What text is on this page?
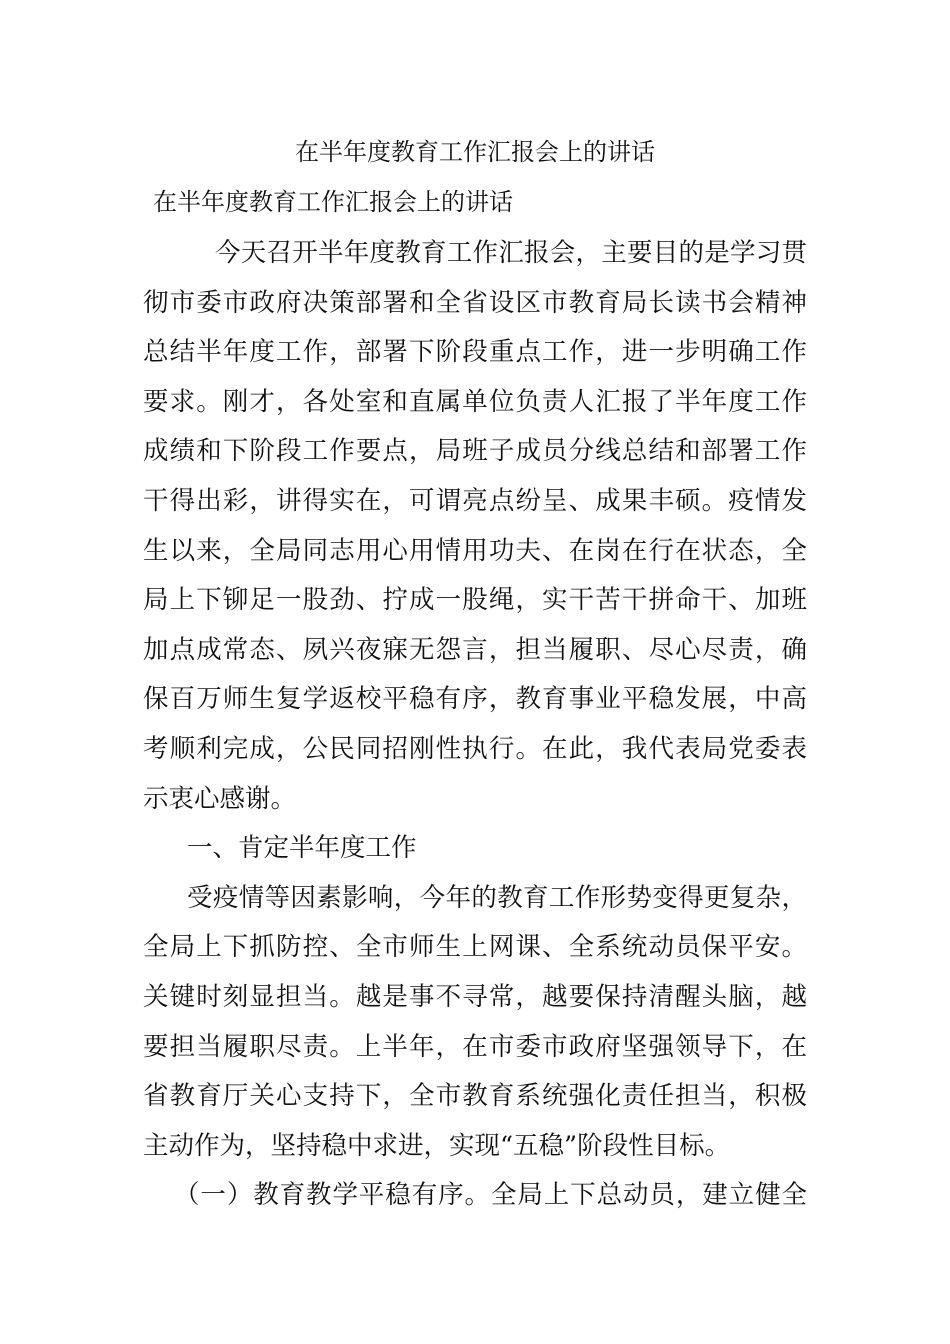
在半年度教育工作汇报会上的讲话
在半年度教育工作汇报会上的讲话
今天召开半年度教育工作汇报会，主要目的是学习贯
彻市委市政府决策部署和全省设区市教育局长读书会精神
总结半年度工作，部署下阶段重点工作，进一步明确工作
要求。刚才，各处室和直属单位负责人汇报了半年度工作
成绩和下阶段工作要点，局班子成员分线总结和部署工作
干得出彩，讲得实在，可谓亮点纷呈、成果丰硕。疫情发
生以来，全局同志用心用情用功夫、在岗在行在状态，全
局上下铆足一股劲、拧成一股绳，实干苦干拼命干、加班
加点成常态、夙兴夜寐无怨言，担当履职、尽心尽责，确
保百万师生复学返校平稳有序，教育事业平稳发展，中高
考顺利完成，公民同招刚性执行。在此，我代表局党委表
示衷心感谢。
一、肯定半年度工作
受疫情等因素影响，今年的教育工作形势变得更复杂，
全局上下抓防控、全市师生上网课、全系统动员保平安。
关键时刻显担当。越是事不寻常，越要保持清醒头脑，越
要担当履职尽责。上半年，在市委市政府坚强领导下，在
省教育厅关心支持下，全市教育系统强化责任担当，积极
主动作为，坚持稳中求进，实现“五稳”阶段性目标。
（一）教育教学平稳有序。全局上下总动员，建立健全
